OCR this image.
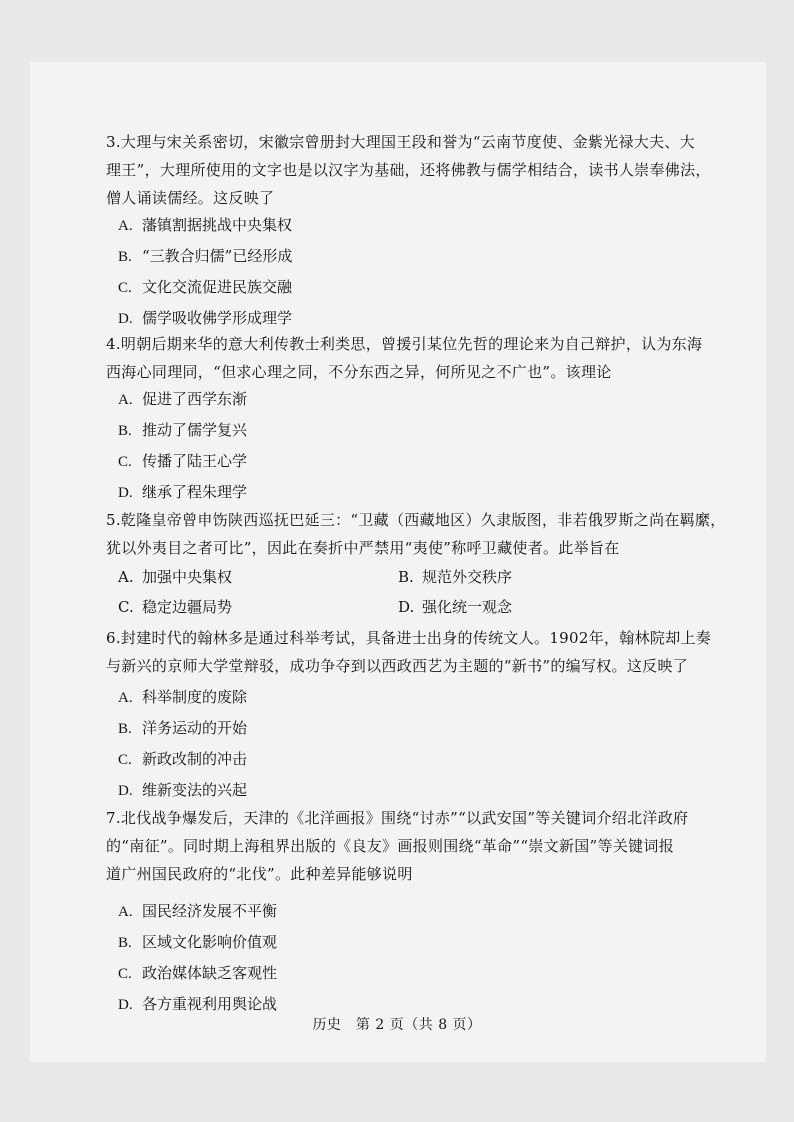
3.大理与宋关系密切，宋徽宗曾册封大理国王段和誉为“云南节度使、金紫光禄大夫、大
理王”，大理所使用的文字也是以汉字为基础，还将佛教与儒学相结合，读书人崇奉佛法，
僧人诵读儒经。这反映了
A. 藩镇割据挑战中央集权
B. “三教合归儒”已经形成
C. 文化交流促进民族交融
D. 儒学吸收佛学形成理学
4.明朝后期来华的意大利传教士利类思，曾援引某位先哲的理论来为自己辩护，认为东海
西海心同理同，“但求心理之同，不分东西之异，何所见之不广也”。该理论
A. 促进了西学东渐
B. 推动了儒学复兴
C. 传播了陆王心学
D. 继承了程朱理学
5.乾隆皇帝曾申饬陕西巡抚巴延三：“卫藏（西藏地区）久隶版图，非若俄罗斯之尚在羁縻，
犹以外夷目之者可比”，因此在奏折中严禁用“夷使”称呼卫藏使者。此举旨在
A. 加强中央集权	B. 规范外交秩序
C. 稳定边疆局势	D. 强化统一观念
6.封建时代的翰林多是通过科举考试，具备进士出身的传统文人。1902年，翰林院却上奏
与新兴的京师大学堂辩驳，成功争夺到以西政西艺为主题的“新书”的编写权。这反映了
A. 科举制度的废除
B. 洋务运动的开始
C. 新政改制的冲击
D. 维新变法的兴起
7.北伐战争爆发后，天津的《北洋画报》围绕“讨赤”“以武安国”等关键词介绍北洋政府
的“南征”。同时期上海租界出版的《良友》画报则围绕“革命”“崇文新国”等关键词报
道广州国民政府的“北伐”。此种差异能够说明
A. 国民经济发展不平衡
B. 区域文化影响价值观
C. 政治媒体缺乏客观性
D. 各方重视利用舆论战
历史　第 2 页（共 8 页）
